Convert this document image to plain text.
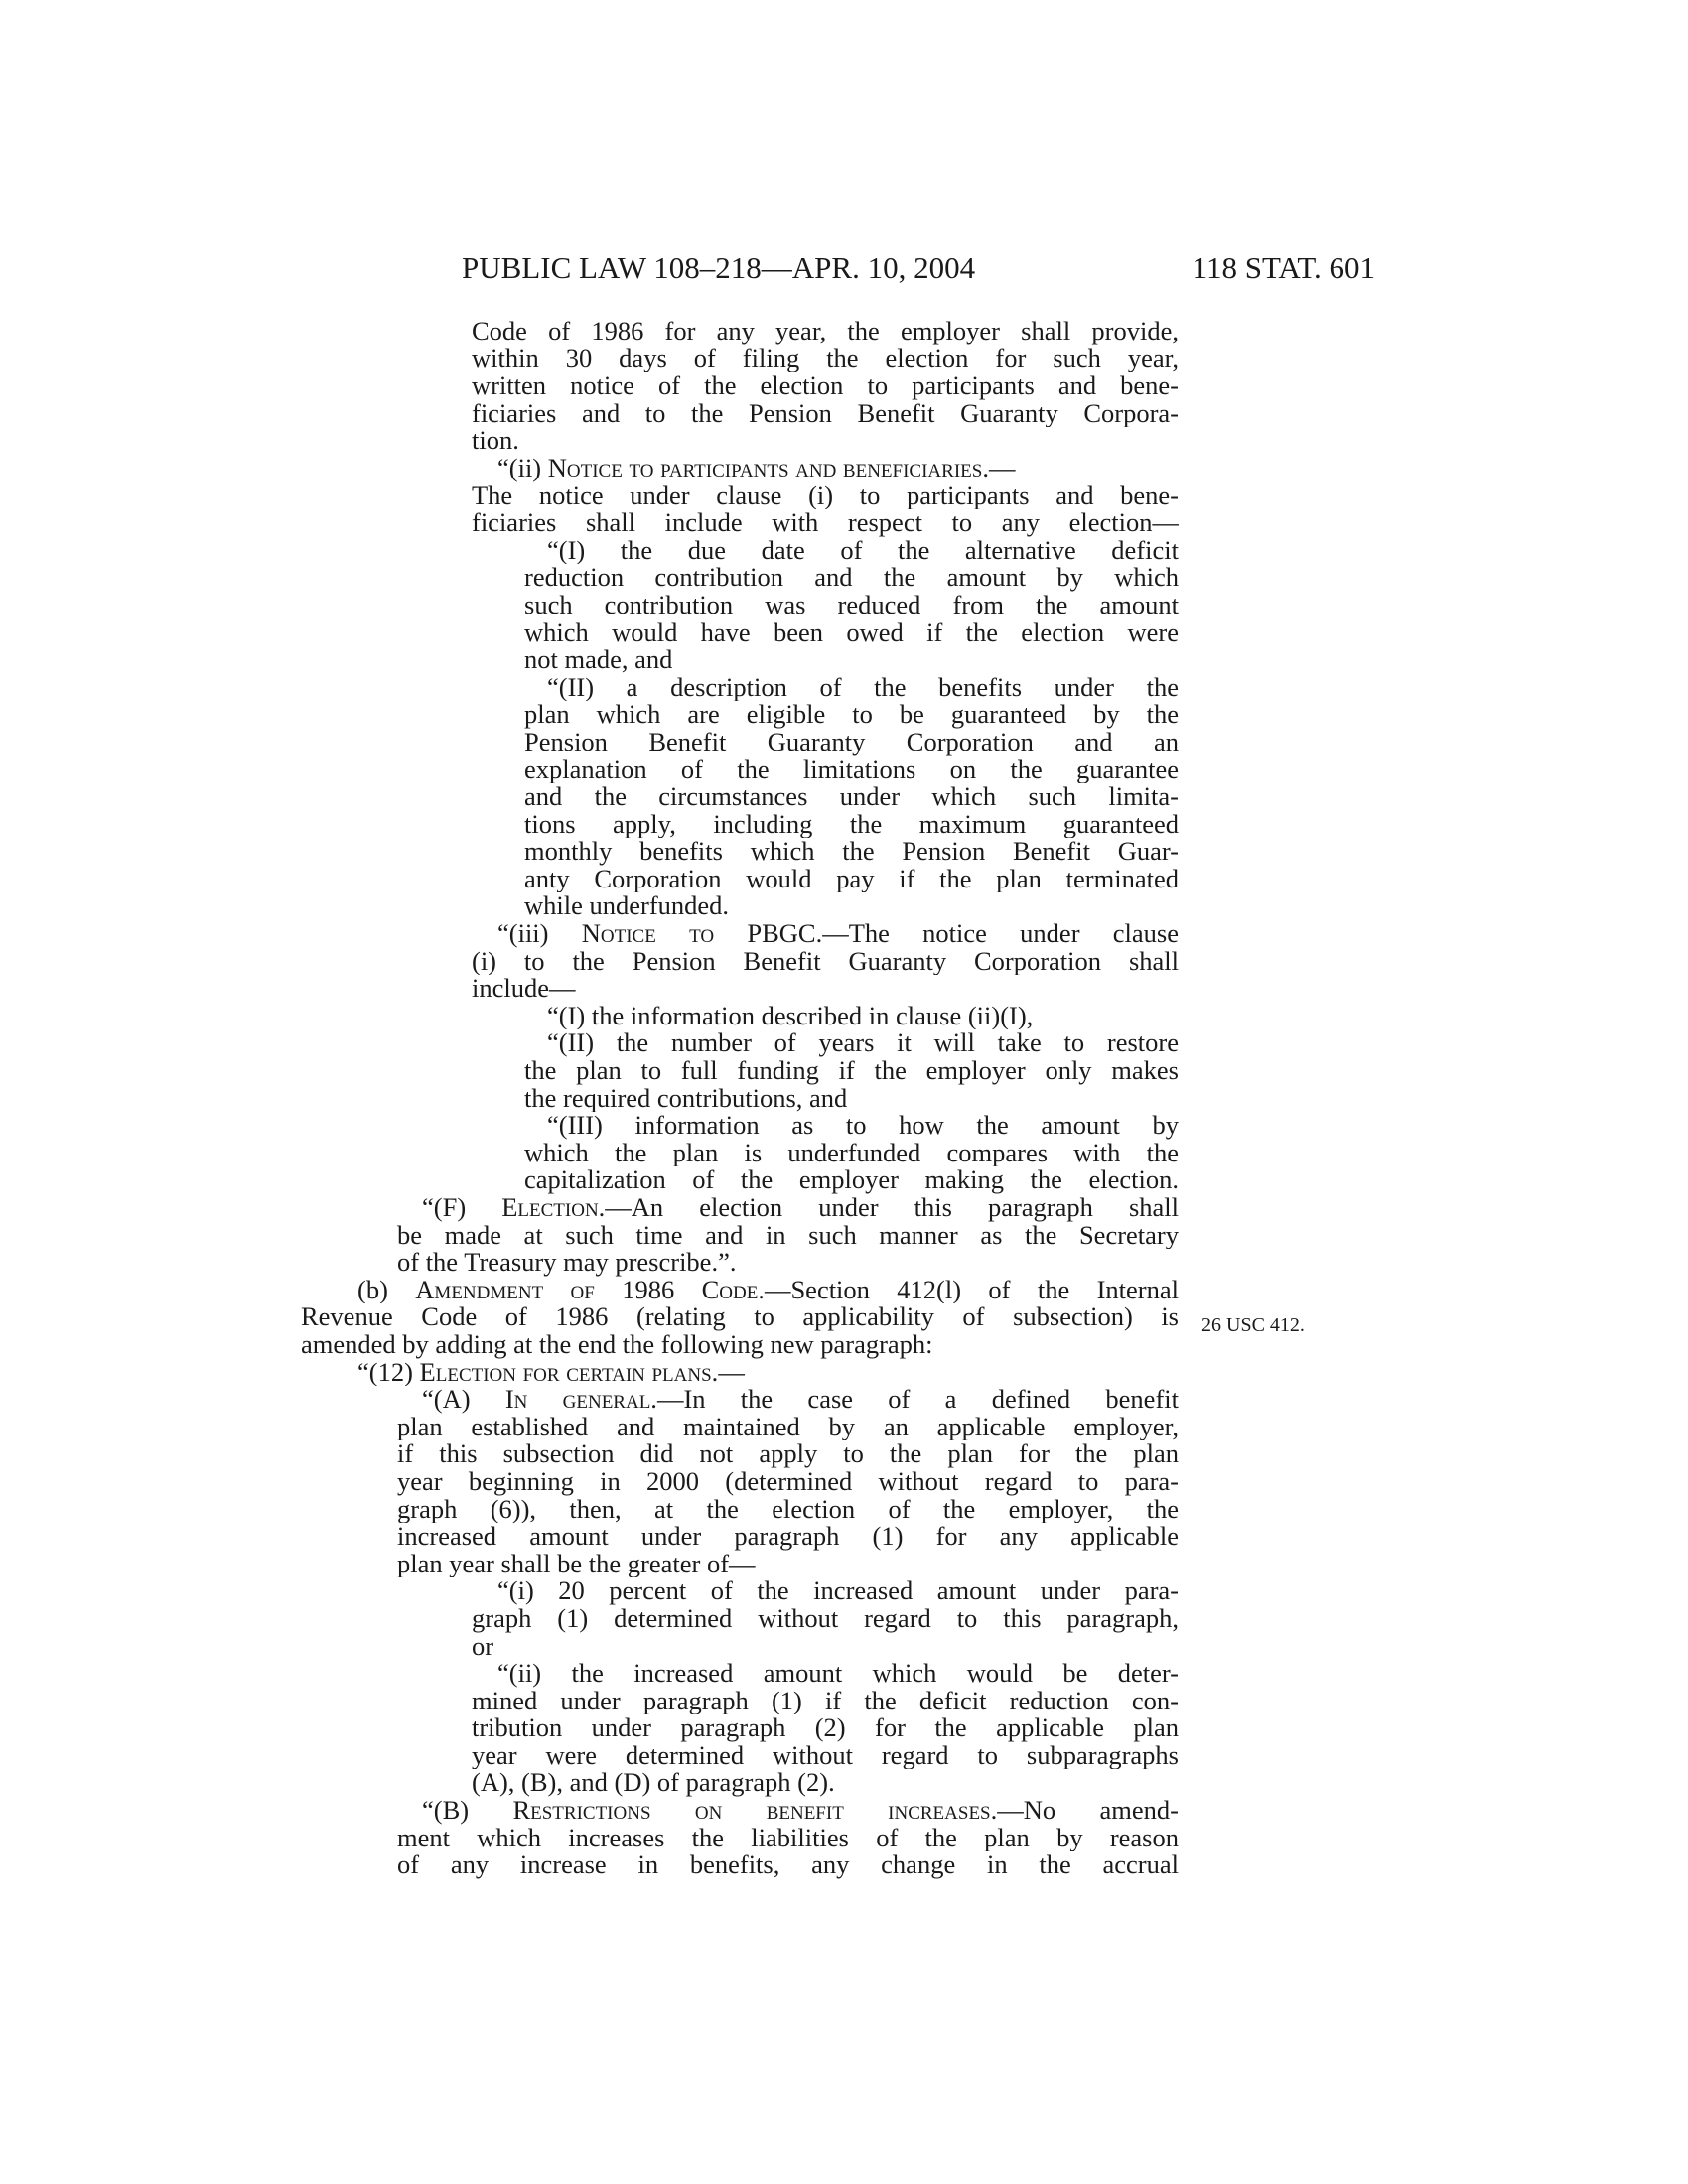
PUBLIC LAW 108–218—APR. 10, 2004	118 STAT. 601
Code of 1986 for any year, the employer shall provide,
within 30 days of filing the election for such year,
written notice of the election to participants and bene-
ficiaries and to the Pension Benefit Guaranty Corpora-
tion.
“(ii) Notice to participants and beneficiaries.—
The notice under clause (i) to participants and bene-
ficiaries shall include with respect to any election—
“(I) the due date of the alternative deficit
reduction contribution and the amount by which
such contribution was reduced from the amount
which would have been owed if the election were
not made, and
“(II) a description of the benefits under the
plan which are eligible to be guaranteed by the
Pension Benefit Guaranty Corporation and an
explanation of the limitations on the guarantee
and the circumstances under which such limita-
tions apply, including the maximum guaranteed
monthly benefits which the Pension Benefit Guar-
anty Corporation would pay if the plan terminated
while underfunded.
“(iii) Notice to PBGC.—The notice under clause
(i) to the Pension Benefit Guaranty Corporation shall
include—
“(I) the information described in clause (ii)(I),
“(II) the number of years it will take to restore
the plan to full funding if the employer only makes
the required contributions, and
“(III) information as to how the amount by
which the plan is underfunded compares with the
capitalization of the employer making the election.
“(F) Election.—An election under this paragraph shall
be made at such time and in such manner as the Secretary
of the Treasury may prescribe.”.
(b) Amendment of 1986 Code.—Section 412(l) of the Internal
Revenue Code of 1986 (relating to applicability of subsection) is
amended by adding at the end the following new paragraph:
“(12) Election for certain plans.—
“(A) In general.—In the case of a defined benefit
plan established and maintained by an applicable employer,
if this subsection did not apply to the plan for the plan
year beginning in 2000 (determined without regard to para-
graph (6)), then, at the election of the employer, the
increased amount under paragraph (1) for any applicable
plan year shall be the greater of—
“(i) 20 percent of the increased amount under para-
graph (1) determined without regard to this paragraph,
or
“(ii) the increased amount which would be deter-
mined under paragraph (1) if the deficit reduction con-
tribution under paragraph (2) for the applicable plan
year were determined without regard to subparagraphs
(A), (B), and (D) of paragraph (2).
“(B) Restrictions on benefit increases.—No amend-
ment which increases the liabilities of the plan by reason
of any increase in benefits, any change in the accrual
26 USC 412.
